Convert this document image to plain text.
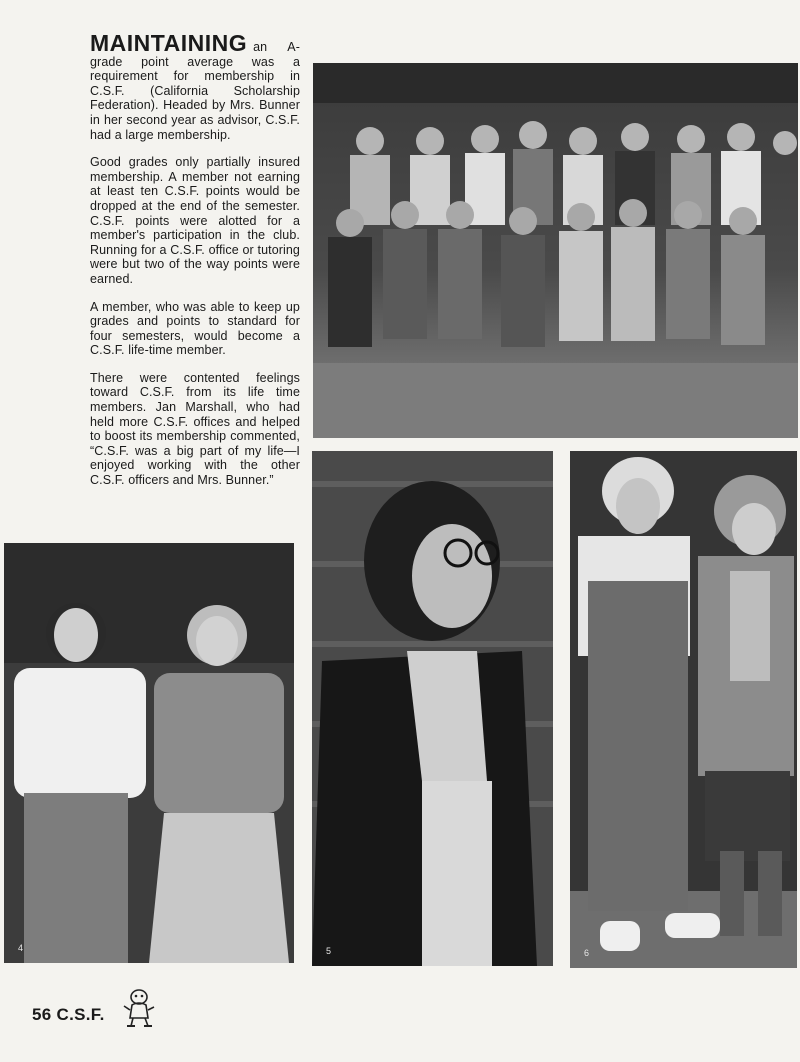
MAINTAINING an A-grade point average was a requirement for membership in C.S.F. (California Scholarship Federation). Headed by Mrs. Bunner in her second year as advisor, C.S.F. had a large membership.

Good grades only partially insured membership. A member not earning at least ten C.S.F. points would be dropped at the end of the semester. C.S.F. points were alotted for a member's participation in the club. Running for a C.S.F. office or tutoring were but two of the way points were earned.

A member, who was able to keep up grades and points to standard for four semesters, would become a C.S.F. life-time member.

There were contented feelings toward C.S.F. from its life time members. Jan Marshall, who had held more C.S.F. offices and helped to boost its membership commented, “C.S.F. was a big part of my life—I enjoyed working with the other C.S.F. officers and Mrs. Bunner.”

4	5	6
56 C.S.F.
